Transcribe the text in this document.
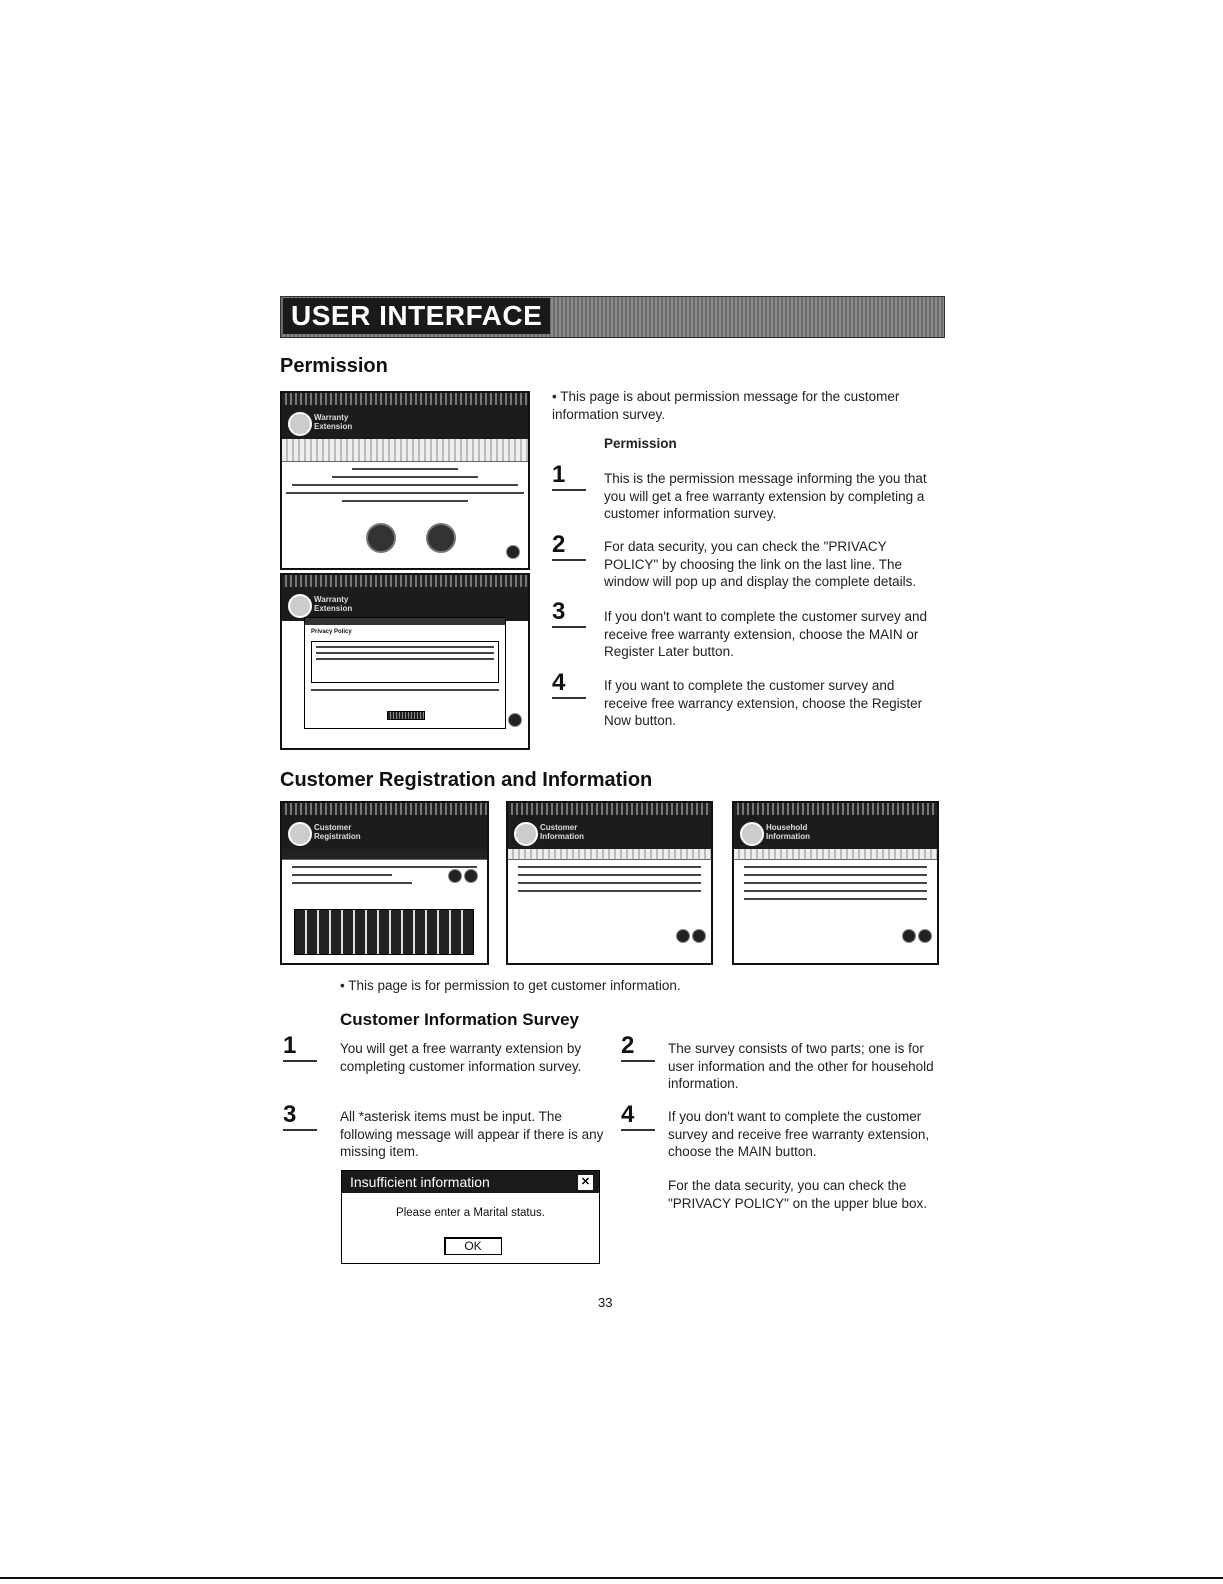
USER INTERFACE
Permission
Warranty Extension
Warranty Extension
Privacy Policy
• This page is about permission message for the customer information survey.
Permission
1	This is the permission message informing the you that you will get a free warranty extension by completing a customer information survey.
2	For data security, you can check the "PRIVACY POLICY" by choosing the link on the last line. The window will pop up and display the complete details.
3	If you don't want to complete the customer survey and receive free warranty extension, choose the MAIN or Register Later button.
4	If you want to complete the customer survey and receive free warrancy extension, choose the Register Now button.
Customer Registration and Information
Customer Registration
Customer Information
Household Information
• This page is for permission to get customer information.
Customer Information Survey
1	You will get a free warranty extension by completing customer information survey.
2	The survey consists of two parts; one is for user information and the other for household information.
3	All *asterisk items must be input. The following message will appear if there is any missing item.
4	If you don't want to complete the customer survey and receive free warranty extension, choose the MAIN button.
For the data security, you can check the "PRIVACY POLICY" on the upper blue box.
Insufficient information	✕
Please enter a Marital status.
OK
33
